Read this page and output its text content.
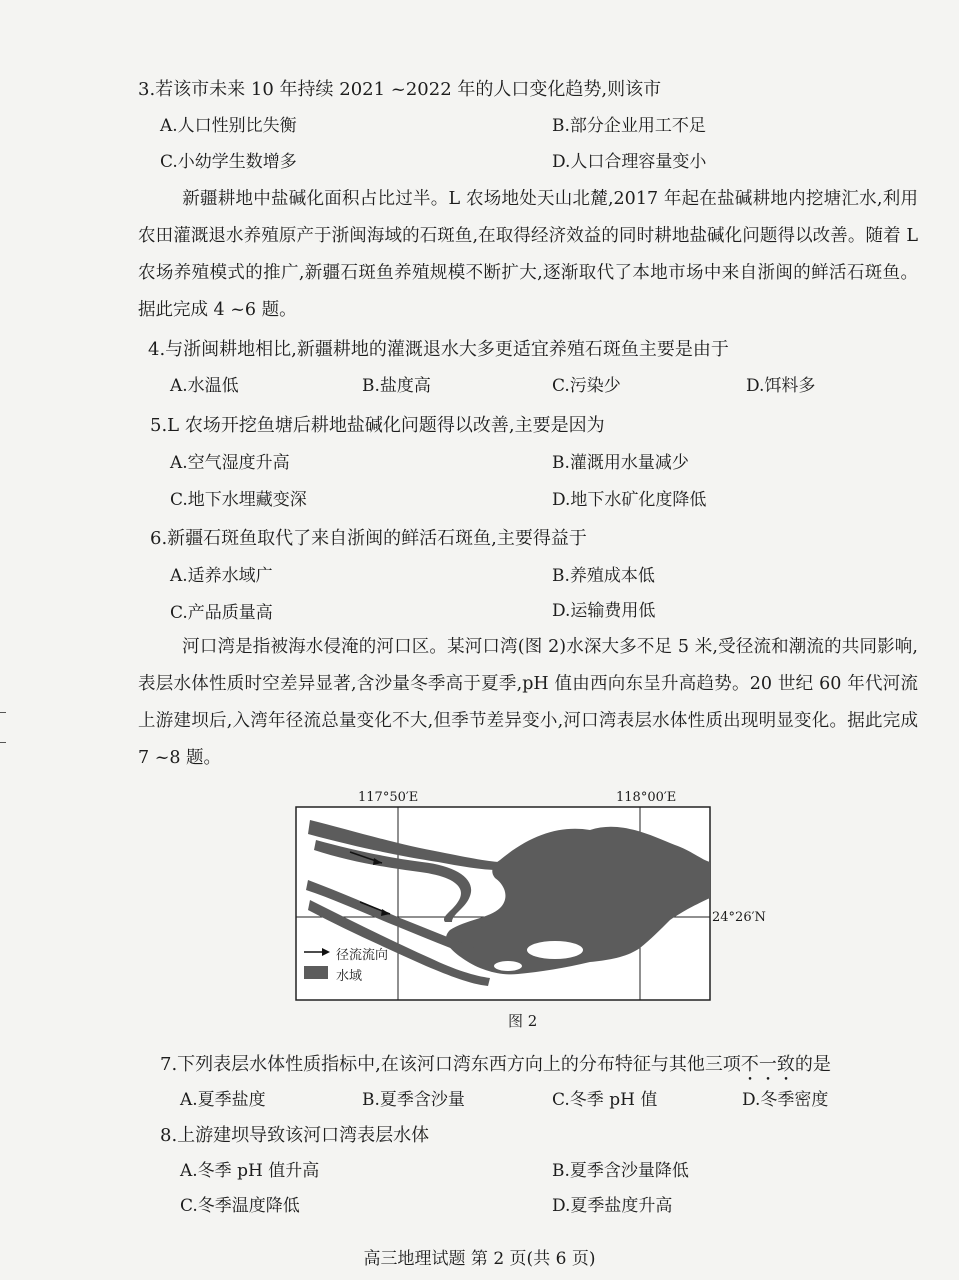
3.若该市未来 10 年持续 2021 ~2022 年的人口变化趋势,则该市
A.人口性别比失衡	B.部分企业用工不足
C.小幼学生数增多	D.人口合理容量变小
新疆耕地中盐碱化面积占比过半。L 农场地处天山北麓,2017 年起在盐碱耕地内挖塘汇水,利用农田灌溉退水养殖原产于浙闽海域的石斑鱼,在取得经济效益的同时耕地盐碱化问题得以改善。随着 L 农场养殖模式的推广,新疆石斑鱼养殖规模不断扩大,逐渐取代了本地市场中来自浙闽的鲜活石斑鱼。据此完成 4 ~6 题。
4.与浙闽耕地相比,新疆耕地的灌溉退水大多更适宜养殖石斑鱼主要是由于
A.水温低	B.盐度高	C.污染少	D.饵料多
5.L 农场开挖鱼塘后耕地盐碱化问题得以改善,主要是因为
A.空气湿度升高	B.灌溉用水量减少
C.地下水埋藏变深	D.地下水矿化度降低
6.新疆石斑鱼取代了来自浙闽的鲜活石斑鱼,主要得益于
A.适养水域广	B.养殖成本低
C.产品质量高	D.运输费用低
河口湾是指被海水侵淹的河口区。某河口湾(图 2)水深大多不足 5 米,受径流和潮流的共同影响,表层水体性质时空差异显著,含沙量冬季高于夏季,pH 值由西向东呈升高趋势。20 世纪 60 年代河流上游建坝后,入湾年径流总量变化不大,但季节差异变小,河口湾表层水体性质出现明显变化。据此完成 7 ~8 题。
117°50′E	118°00′E
24°26′N
径流流向
水域
图 2
7.下列表层水体性质指标中,在该河口湾东西方向上的分布特征与其他三项不一致的是
A.夏季盐度	B.夏季含沙量	C.冬季 pH 值	D.冬季密度
8.上游建坝导致该河口湾表层水体
A.冬季 pH 值升高	B.夏季含沙量降低
C.冬季温度降低	D.夏季盐度升高
高三地理试题 第 2 页(共 6 页)
